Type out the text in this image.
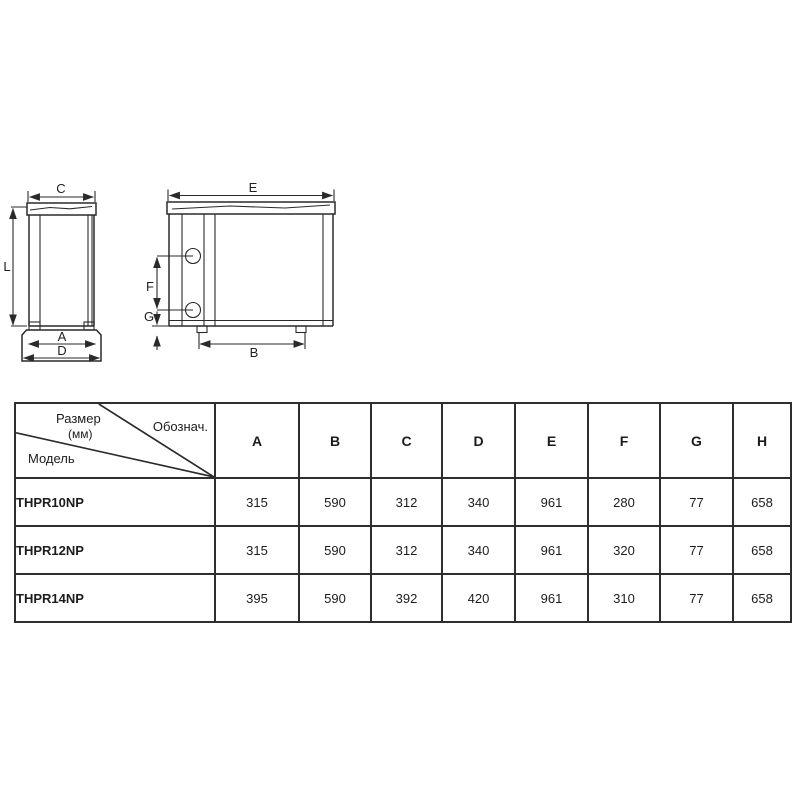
C
L
A
D
E
F
G
B
Размер
(мм) Обознач.
Модель	A	B	C	D	E	F	G	H
THPR10NP	315	590	312	340	961	280	77	658
THPR12NP	315	590	312	340	961	320	77	658
THPR14NP	395	590	392	420	961	310	77	658
